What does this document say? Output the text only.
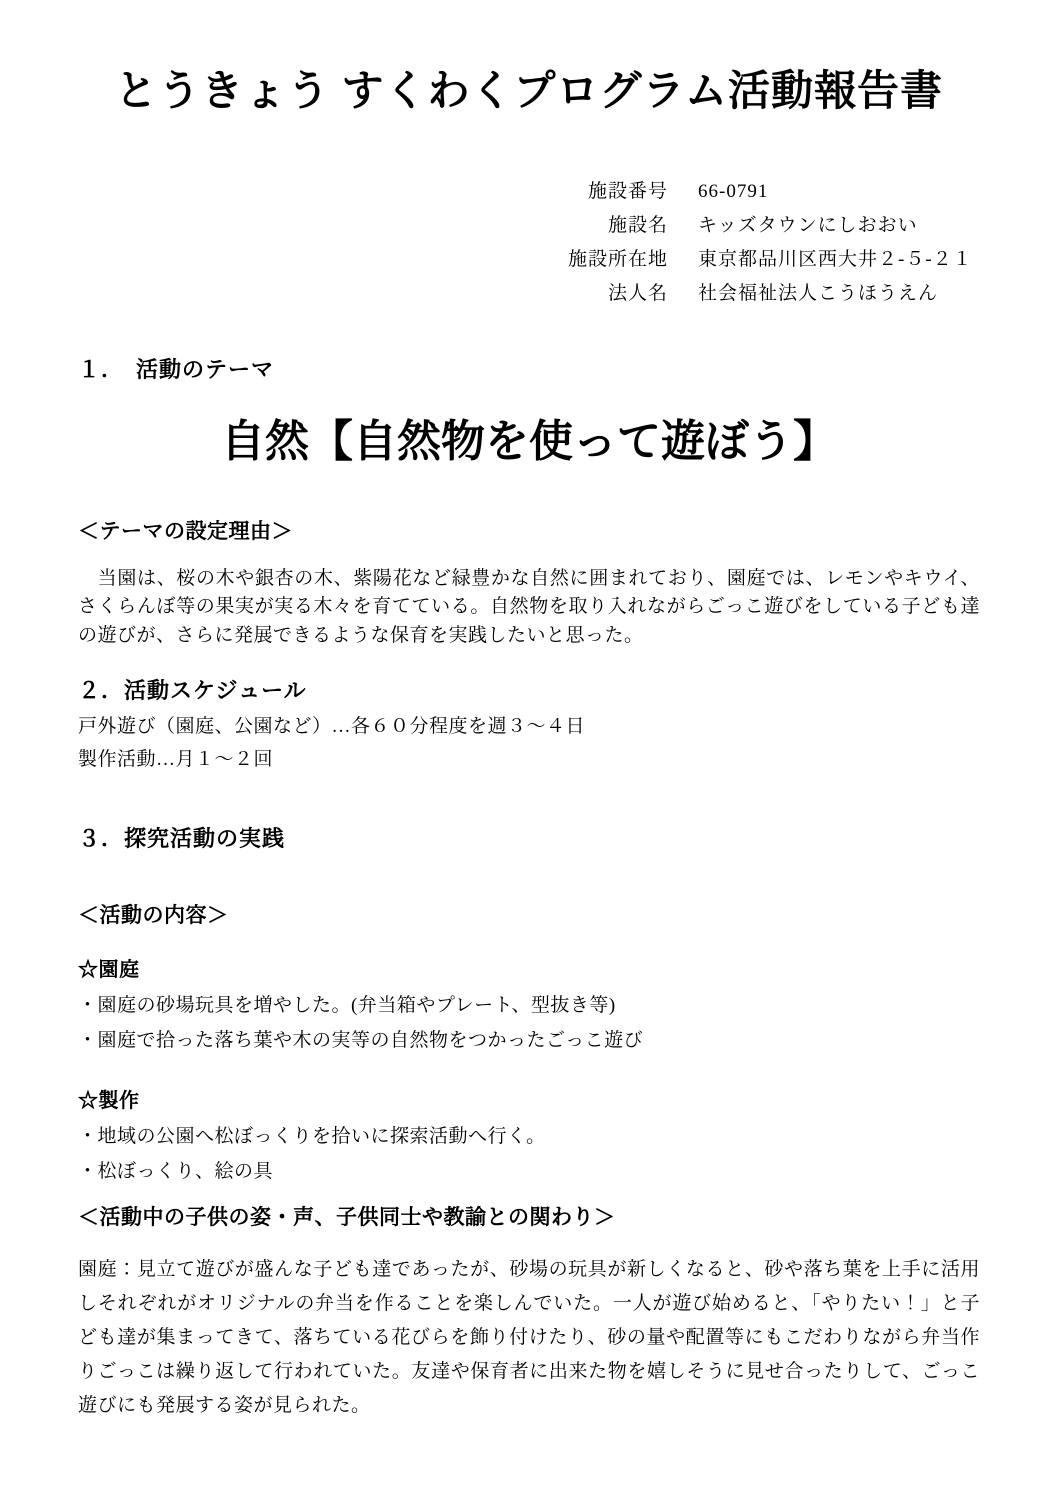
とうきょう すくわくプログラム活動報告書
施設番号 66-0791
施設名 キッズタウンにしおおい
施設所在地 東京都品川区西大井２-５-２１
法人名 社会福祉法人こうほうえん
１．　活動のテーマ
自然【自然物を使って遊ぼう】
＜テーマの設定理由＞

　当園は、桜の木や銀杏の木、紫陽花など緑豊かな自然に囲まれており、園庭では、レモンやキウイ、さくらんぼ等の果実が実る木々を育てている。自然物を取り入れながらごっこ遊びをしている子ども達の遊びが、さらに発展できるような保育を実践したいと思った。

２．活動スケジュール
戸外遊び（園庭、公園など）…各６０分程度を週３～４日
製作活動…月１～２回
３．探究活動の実践
＜活動の内容＞
☆園庭
・園庭の砂場玩具を増やした。(弁当箱やプレート、型抜き等)
・園庭で拾った落ち葉や木の実等の自然物をつかったごっこ遊び
☆製作
・地域の公園へ松ぼっくりを拾いに探索活動へ行く。
・松ぼっくり、絵の具
＜活動中の子供の姿・声、子供同士や教諭との関わり＞

園庭：見立て遊びが盛んな子ども達であったが、砂場の玩具が新しくなると、砂や落ち葉を上手に活用しそれぞれがオリジナルの弁当を作ることを楽しんでいた。一人が遊び始めると、「やりたい！」と子ども達が集まってきて、落ちている花びらを飾り付けたり、砂の量や配置等にもこだわりながら弁当作りごっこは繰り返して行われていた。友達や保育者に出来た物を嬉しそうに見せ合ったりして、ごっこ遊びにも発展する姿が見られた。
